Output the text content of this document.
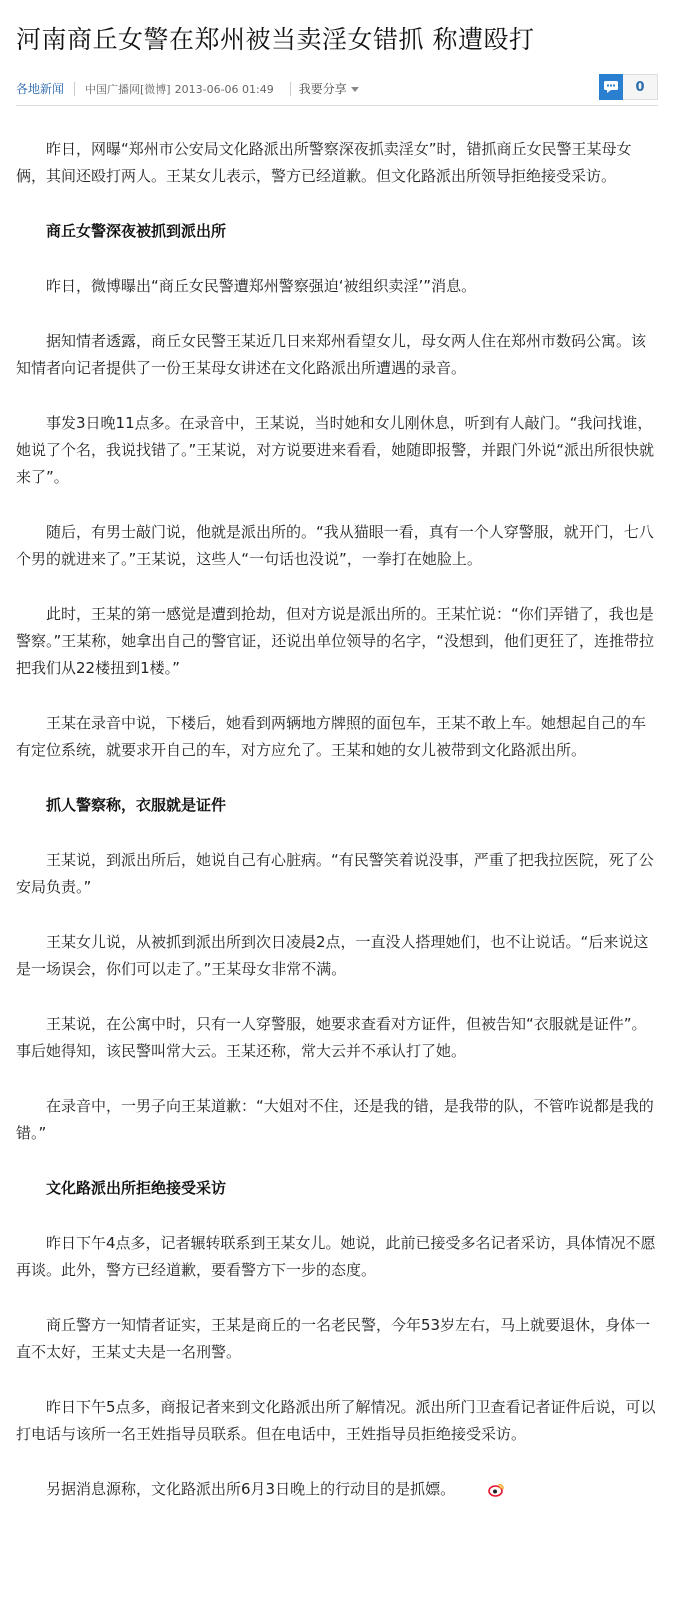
河南商丘女警在郑州被当卖淫女错抓 称遭殴打
各地新闻	中国广播网[微博] 2013-06-06 01:49 我要分享	0

昨日，网曝“郑州市公安局文化路派出所警察深夜抓卖淫女”时，错抓商丘女民警王某母女俩，其间还殴打两人。王某女儿表示，警方已经道歉。但文化路派出所领导拒绝接受采访。

商丘女警深夜被抓到派出所

昨日，微博曝出“商丘女民警遭郑州警察强迫‘被组织卖淫’”消息。

据知情者透露，商丘女民警王某近几日来郑州看望女儿，母女两人住在郑州市数码公寓。该知情者向记者提供了一份王某母女讲述在文化路派出所遭遇的录音。

事发3日晚11点多。在录音中，王某说，当时她和女儿刚休息，听到有人敲门。“我问找谁，她说了个名，我说找错了。”王某说，对方说要进来看看，她随即报警，并跟门外说“派出所很快就来了”。

随后，有男士敲门说，他就是派出所的。“我从猫眼一看，真有一个人穿警服，就开门，七八个男的就进来了。”王某说，这些人“一句话也没说”，一拳打在她脸上。

此时，王某的第一感觉是遭到抢劫，但对方说是派出所的。王某忙说：“你们弄错了，我也是警察。”王某称，她拿出自己的警官证，还说出单位领导的名字，“没想到，他们更狂了，连推带拉把我们从22楼扭到1楼。”

王某在录音中说，下楼后，她看到两辆地方牌照的面包车，王某不敢上车。她想起自己的车有定位系统，就要求开自己的车，对方应允了。王某和她的女儿被带到文化路派出所。

抓人警察称，衣服就是证件

王某说，到派出所后，她说自己有心脏病。“有民警笑着说没事，严重了把我拉医院，死了公安局负责。”

王某女儿说，从被抓到派出所到次日凌晨2点，一直没人搭理她们，也不让说话。“后来说这是一场误会，你们可以走了。”王某母女非常不满。

王某说，在公寓中时，只有一人穿警服，她要求查看对方证件，但被告知“衣服就是证件”。事后她得知，该民警叫常大云。王某还称，常大云并不承认打了她。

在录音中，一男子向王某道歉：“大姐对不住，还是我的错，是我带的队，不管咋说都是我的错。”

文化路派出所拒绝接受采访

昨日下午4点多，记者辗转联系到王某女儿。她说，此前已接受多名记者采访，具体情况不愿再谈。此外，警方已经道歉，要看警方下一步的态度。

商丘警方一知情者证实，王某是商丘的一名老民警，今年53岁左右，马上就要退休，身体一直不太好，王某丈夫是一名刑警。

昨日下午5点多，商报记者来到文化路派出所了解情况。派出所门卫查看记者证件后说，可以打电话与该所一名王姓指导员联系。但在电话中，王姓指导员拒绝接受采访。

另据消息源称，文化路派出所6月3日晚上的行动目的是抓嫖。
